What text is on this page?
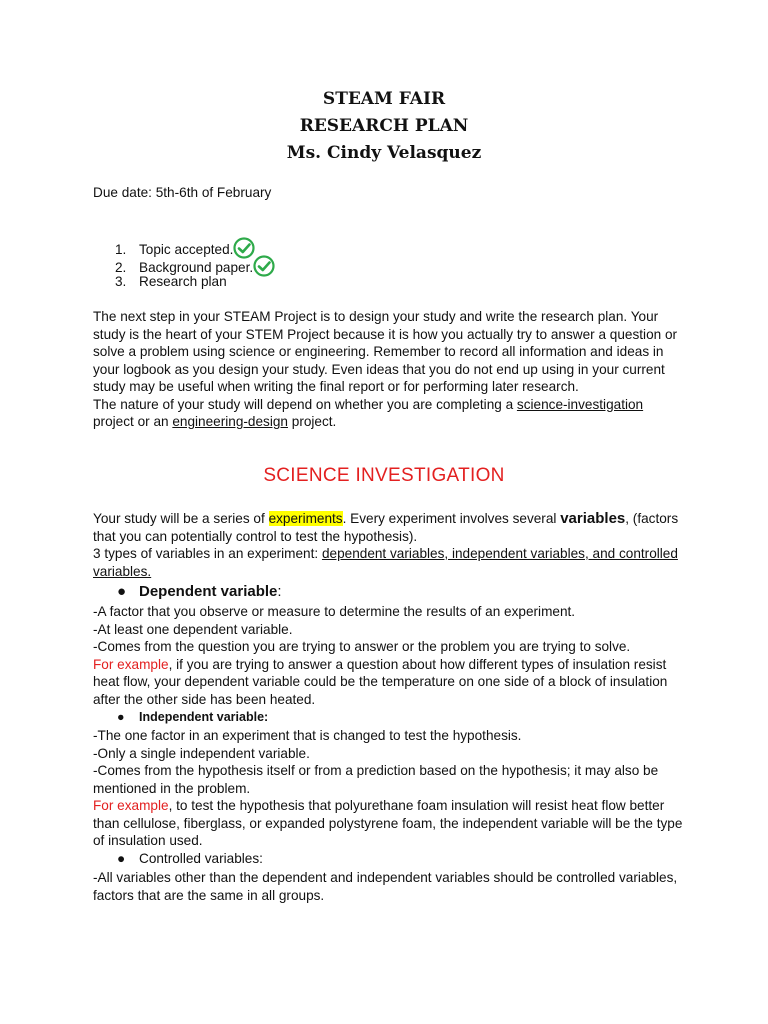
STEAM FAIR
RESEARCH PLAN
Ms. Cindy Velasquez

Due date: 5th-6th of February

1. Topic accepted.
2. Background paper.
3. Research plan
The next step in your STEAM Project is to design your study and write the research plan. Your study is the heart of your STEM Project because it is how you actually try to answer a question or solve a problem using science or engineering. Remember to record all information and ideas in your logbook as you design your study. Even ideas that you do not end up using in your current study may be useful when writing the final report or for performing later research.
The nature of your study will depend on whether you are completing a science-investigation project or an engineering-design project.
SCIENCE INVESTIGATION
Your study will be a series of experiments. Every experiment involves several variables, (factors that you can potentially control to test the hypothesis).
3 types of variables in an experiment: dependent variables, independent variables, and controlled variables.
● Dependent variable:
-A factor that you observe or measure to determine the results of an experiment.
-At least one dependent variable.
-Comes from the question you are trying to answer or the problem you are trying to solve.
For example, if you are trying to answer a question about how different types of insulation resist heat flow, your dependent variable could be the temperature on one side of a block of insulation after the other side has been heated.
● Independent variable:
-The one factor in an experiment that is changed to test the hypothesis.
-Only a single independent variable.
-Comes from the hypothesis itself or from a prediction based on the hypothesis; it may also be mentioned in the problem.
For example, to test the hypothesis that polyurethane foam insulation will resist heat flow better than cellulose, fiberglass, or expanded polystyrene foam, the independent variable will be the type of insulation used.
● Controlled variables:
-All variables other than the dependent and independent variables should be controlled variables, factors that are the same in all groups.
